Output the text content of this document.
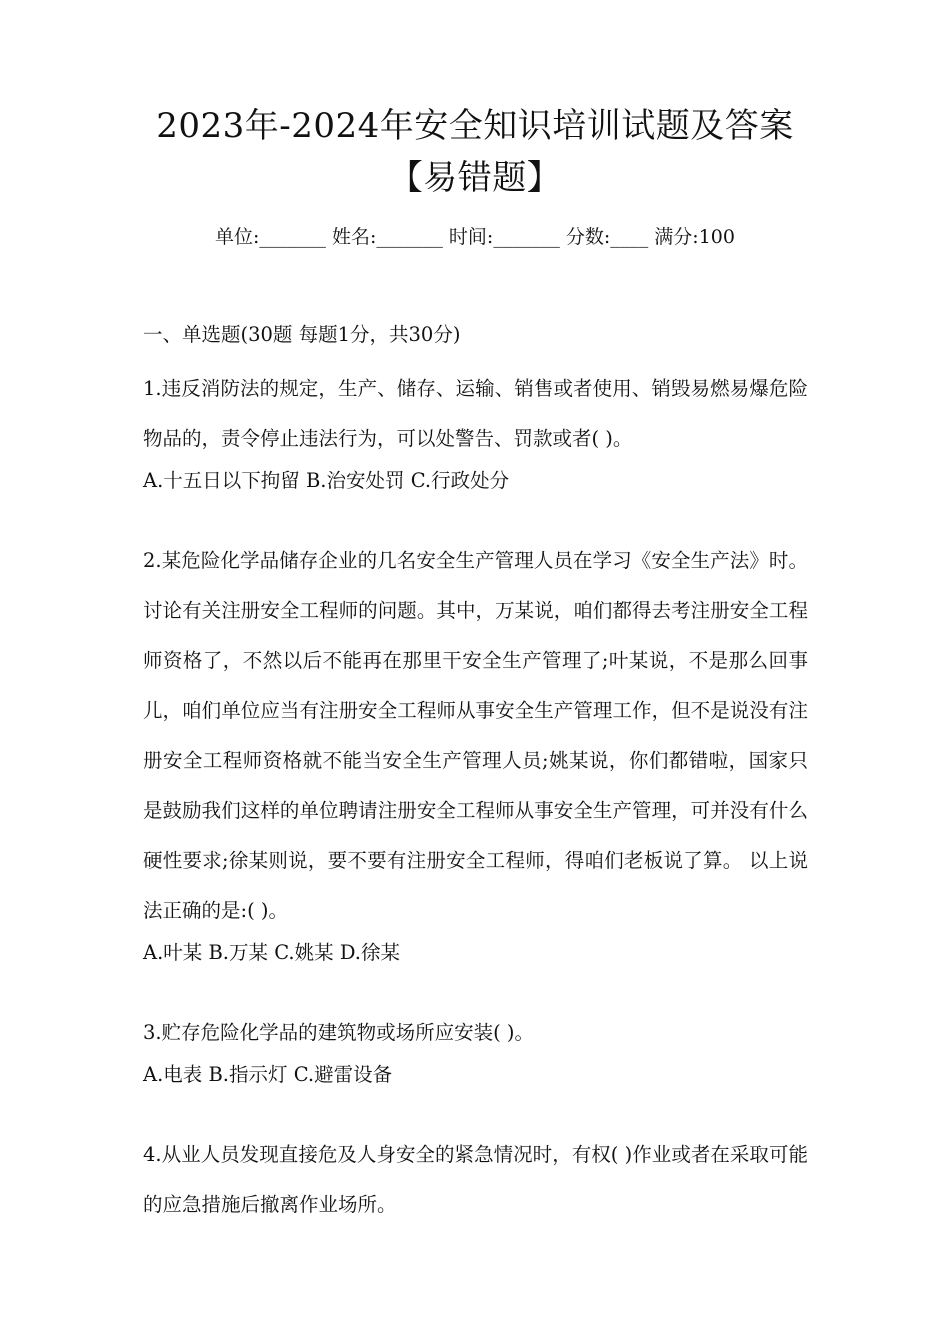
2023年-2024年安全知识培训试题及答案
【易错题】
单位:_______ 姓名:_______ 时间:_______ 分数:____ 满分:100
一、单选题(30题 每题1分，共30分)

1.违反消防法的规定，生产、储存、运输、销售或者使用、销毁易燃易爆危险物品的，责令停止违法行为，可以处警告、罚款或者( )。

A.十五日以下拘留 B.治安处罚 C.行政处分

2.某危险化学品储存企业的几名安全生产管理人员在学习《安全生产法》时。讨论有关注册安全工程师的问题。其中，万某说，咱们都得去考注册安全工程师资格了，不然以后不能再在那里干安全生产管理了;叶某说，不是那么回事儿，咱们单位应当有注册安全工程师从事安全生产管理工作，但不是说没有注册安全工程师资格就不能当安全生产管理人员;姚某说，你们都错啦，国家只是鼓励我们这样的单位聘请注册安全工程师从事安全生产管理，可并没有什么硬性要求;徐某则说，要不要有注册安全工程师，得咱们老板说了算。 以上说法正确的是:( )。

A.叶某 B.万某 C.姚某 D.徐某

3.贮存危险化学品的建筑物或场所应安装( )。

A.电表 B.指示灯 C.避雷设备

4.从业人员发现直接危及人身安全的紧急情况时，有权( )作业或者在采取可能的应急措施后撤离作业场所。
